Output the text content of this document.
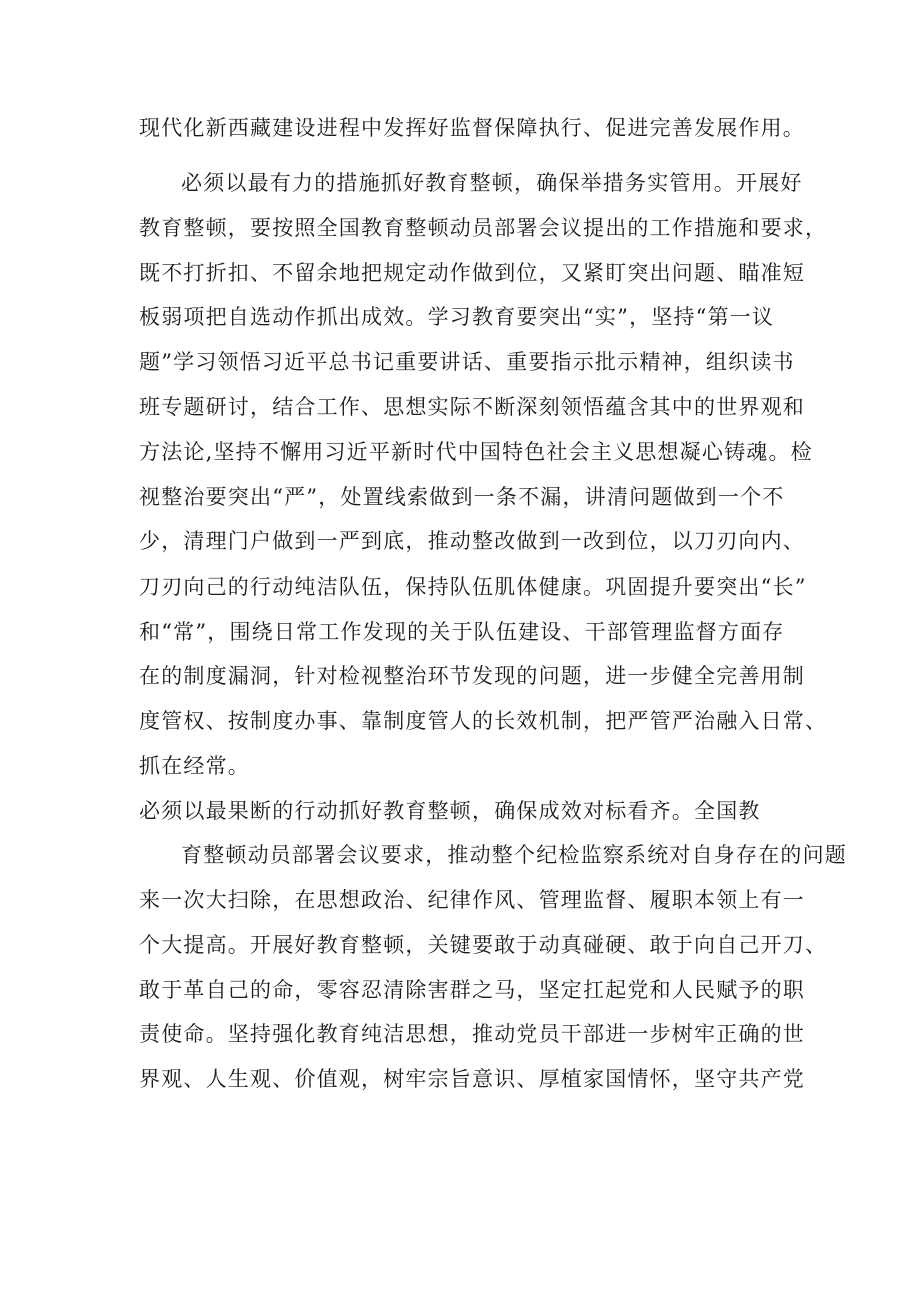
现代化新西藏建设进程中发挥好监督保障执行、促进完善发展作用。
必须以最有力的措施抓好教育整顿，确保举措务实管用。开展好
教育整顿，要按照全国教育整顿动员部署会议提出的工作措施和要求，
既不打折扣、不留余地把规定动作做到位，又紧盯突出问题、瞄准短
板弱项把自选动作抓出成效。学习教育要突出“实”，坚持“第一议
题”学习领悟习近平总书记重要讲话、重要指示批示精神，组织读书
班专题研讨，结合工作、思想实际不断深刻领悟蕴含其中的世界观和
方法论,坚持不懈用习近平新时代中国特色社会主义思想凝心铸魂。检
视整治要突出“严”，处置线索做到一条不漏，讲清问题做到一个不
少，清理门户做到一严到底，推动整改做到一改到位，以刀刃向内、
刀刃向己的行动纯洁队伍，保持队伍肌体健康。巩固提升要突出“长”
和“常”，围绕日常工作发现的关于队伍建设、干部管理监督方面存
在的制度漏洞，针对检视整治环节发现的问题，进一步健全完善用制
度管权、按制度办事、靠制度管人的长效机制，把严管严治融入日常、
抓在经常。
必须以最果断的行动抓好教育整顿，确保成效对标看齐。全国教
育整顿动员部署会议要求，推动整个纪检监察系统对自身存在的问题
来一次大扫除，在思想政治、纪律作风、管理监督、履职本领上有一
个大提高。开展好教育整顿，关键要敢于动真碰硬、敢于向自己开刀、
敢于革自己的命，零容忍清除害群之马，坚定扛起党和人民赋予的职
责使命。坚持强化教育纯洁思想，推动党员干部进一步树牢正确的世
界观、人生观、价值观，树牢宗旨意识、厚植家国情怀，坚守共产党
